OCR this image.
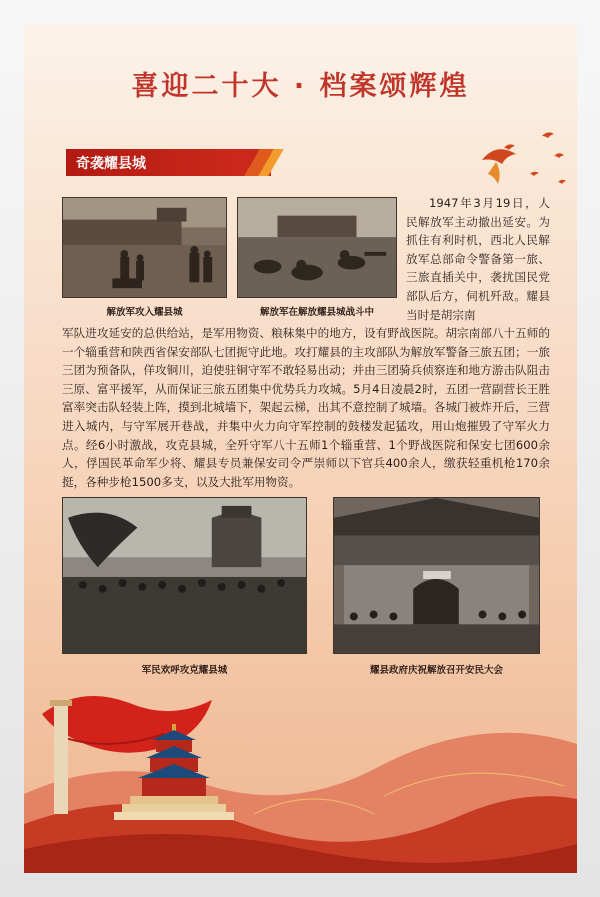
喜迎二十大 · 档案颂辉煌
奇袭耀县城
解放军攻入耀县城	解放军在解放耀县城战斗中
1947年3月19日，人民解放军主动撤出延安。为抓住有利时机，西北人民解放军总部命令警备第一旅、三旅直插关中，袭扰国民党部队后方，伺机歼敌。耀县当时是胡宗南
军队进攻延安的总供给站，是军用物资、粮秣集中的地方，设有野战医院。胡宗南部八十五师的一个辎重营和陕西省保安部队七团扼守此地。攻打耀县的主攻部队为解放军警备三旅五团；一旅三团为预备队，佯攻铜川，迫使驻铜守军不敢轻易出动；并由三团骑兵侦察连和地方游击队阻击三原、富平援军，从而保证三旅五团集中优势兵力攻城。5月4日凌晨2时，五团一营副营长王胜富率突击队轻装上阵，摸到北城墙下，架起云梯，出其不意控制了城墙。各城门被炸开后，三营进入城内，与守军展开巷战，并集中火力向守军控制的鼓楼发起猛攻，用山炮摧毁了守军火力点。经6小时激战，攻克县城，全歼守军八十五师1个辎重营、1个野战医院和保安七团600余人，俘国民革命军少将、耀县专员兼保安司令严崇师以下官兵400余人，缴获轻重机枪170余挺，各种步枪1500多支，以及大批军用物资。
军民欢呼攻克耀县城	耀县政府庆祝解放召开安民大会
